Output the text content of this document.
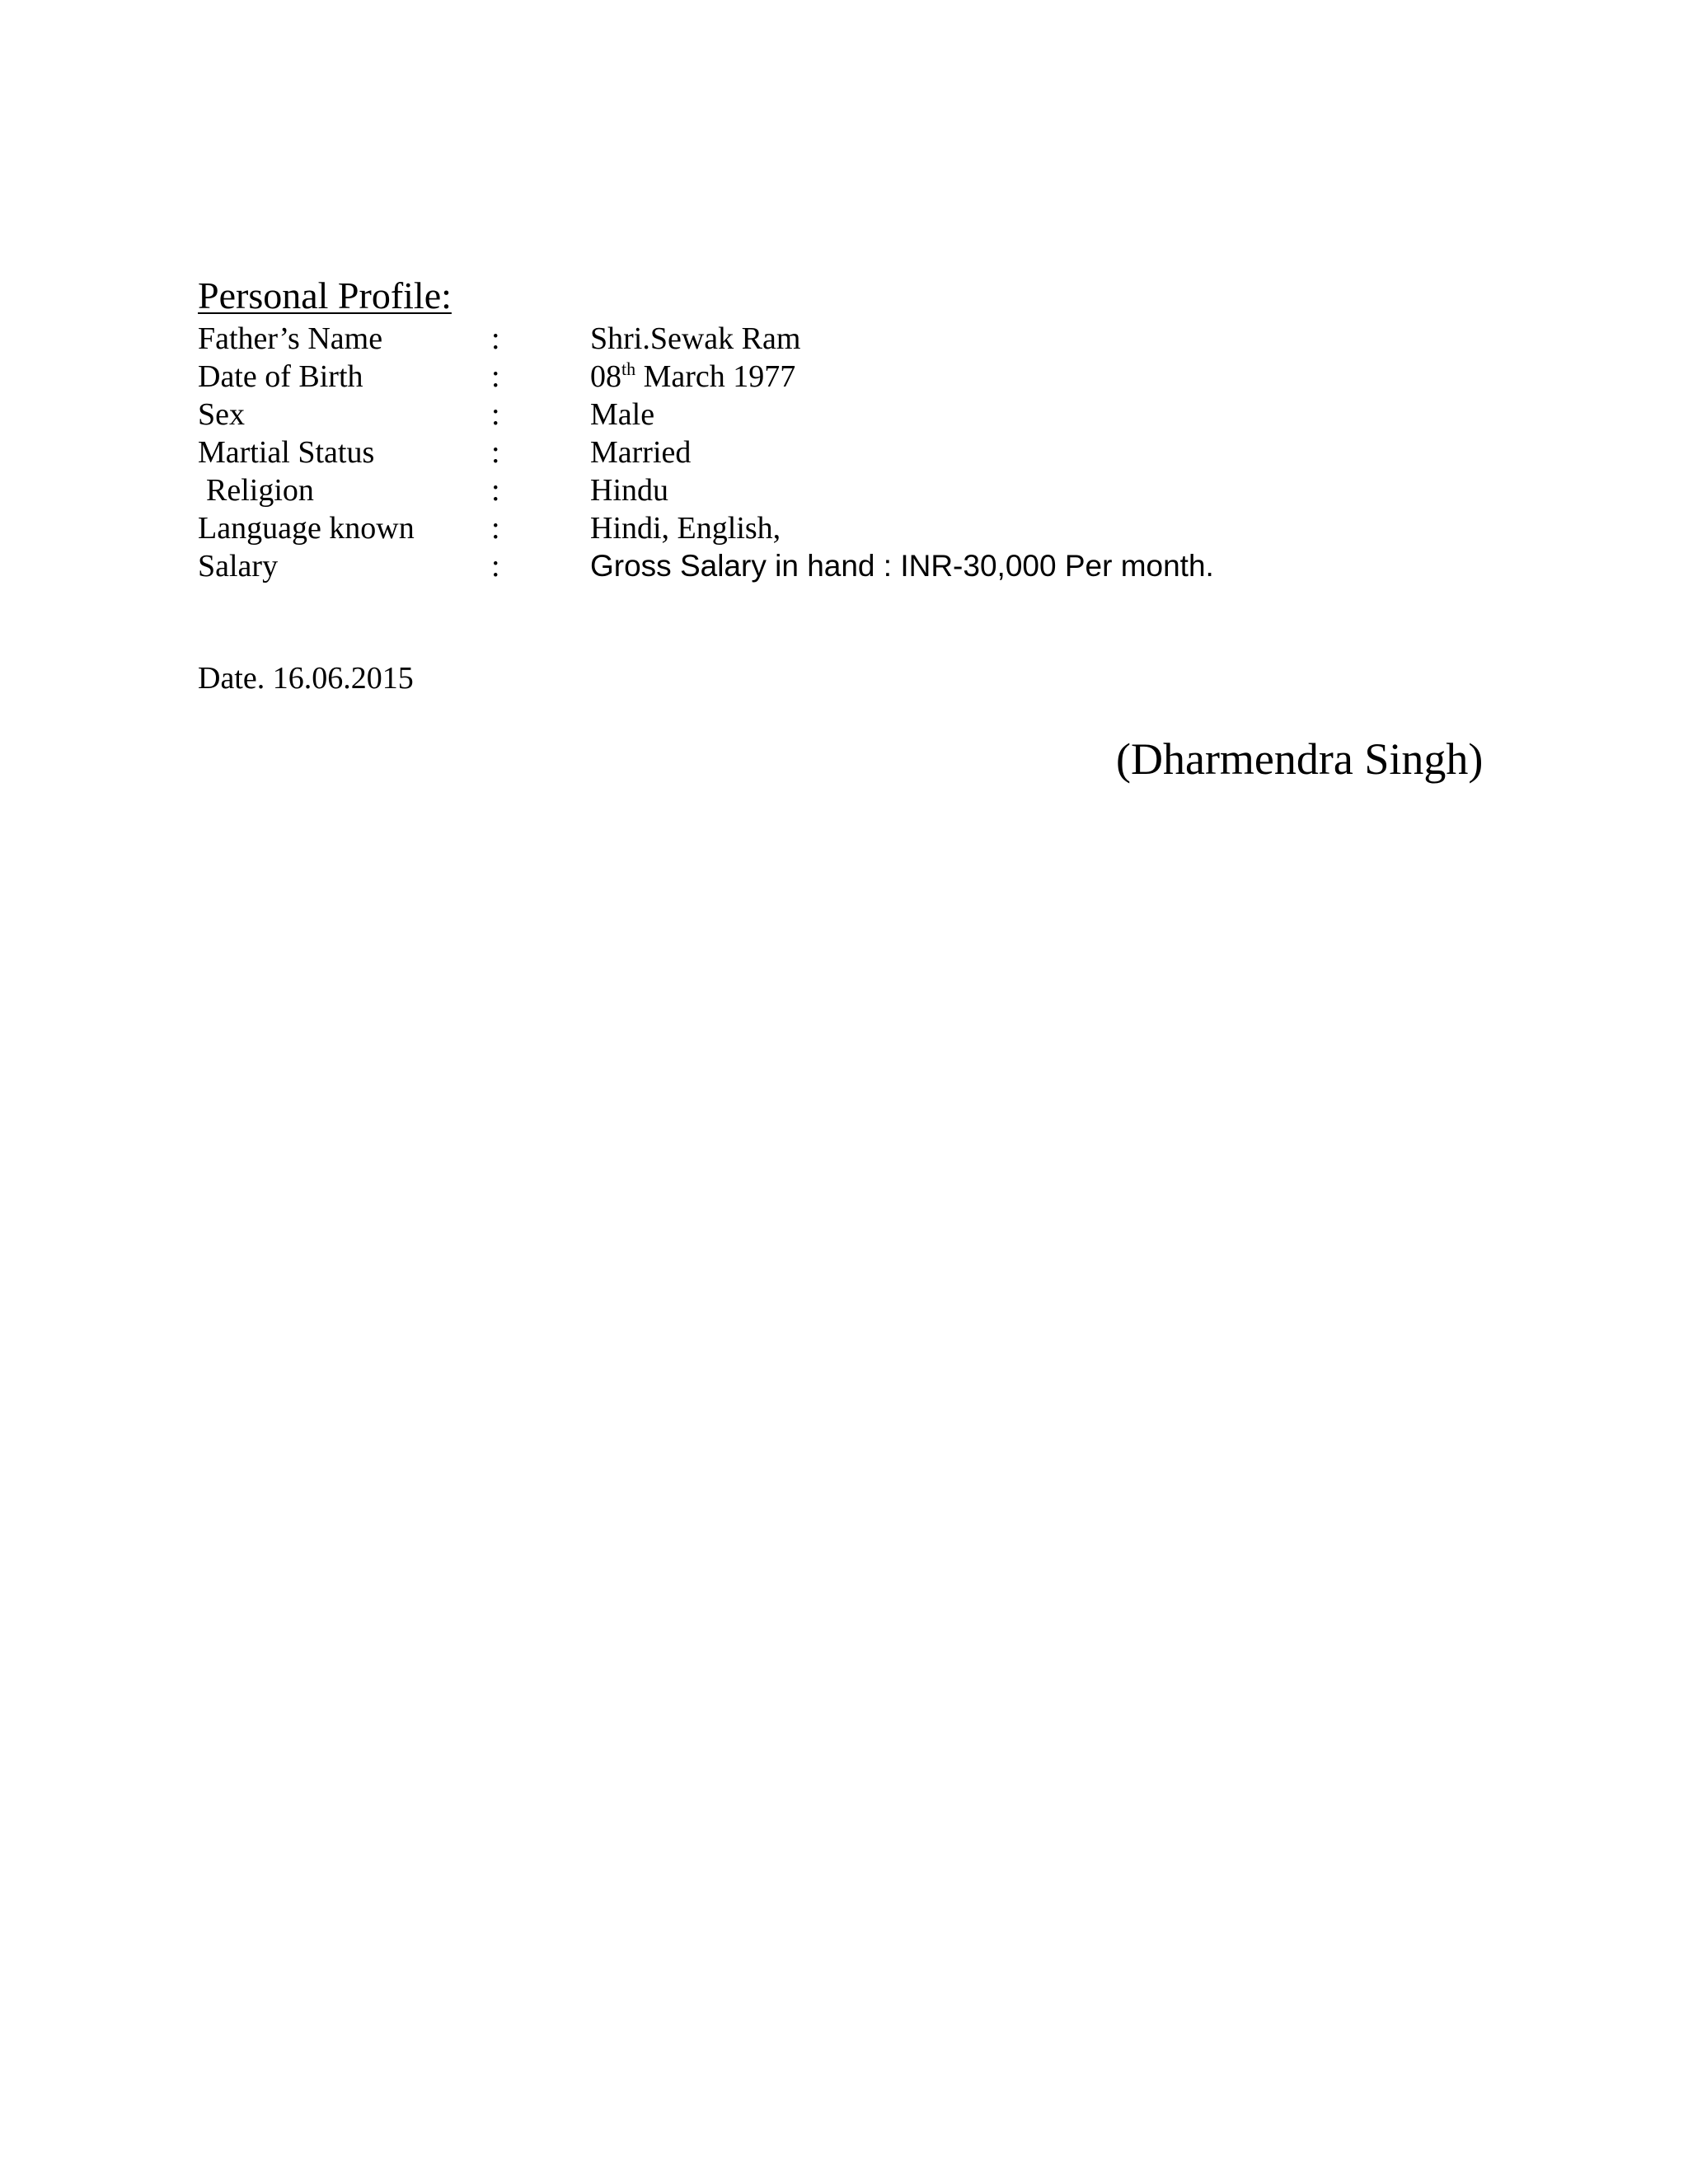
Personal Profile:
Father’s Name	:	Shri.Sewak Ram
Date of Birth	:	08th March 1977
Sex	:	Male
Martial Status	:	Married
Religion	:	Hindu
Language known :	Hindi, English,
Salary	:	Gross Salary in hand : INR-30,000 Per month.
Date. 16.06.2015
(Dharmendra Singh)
